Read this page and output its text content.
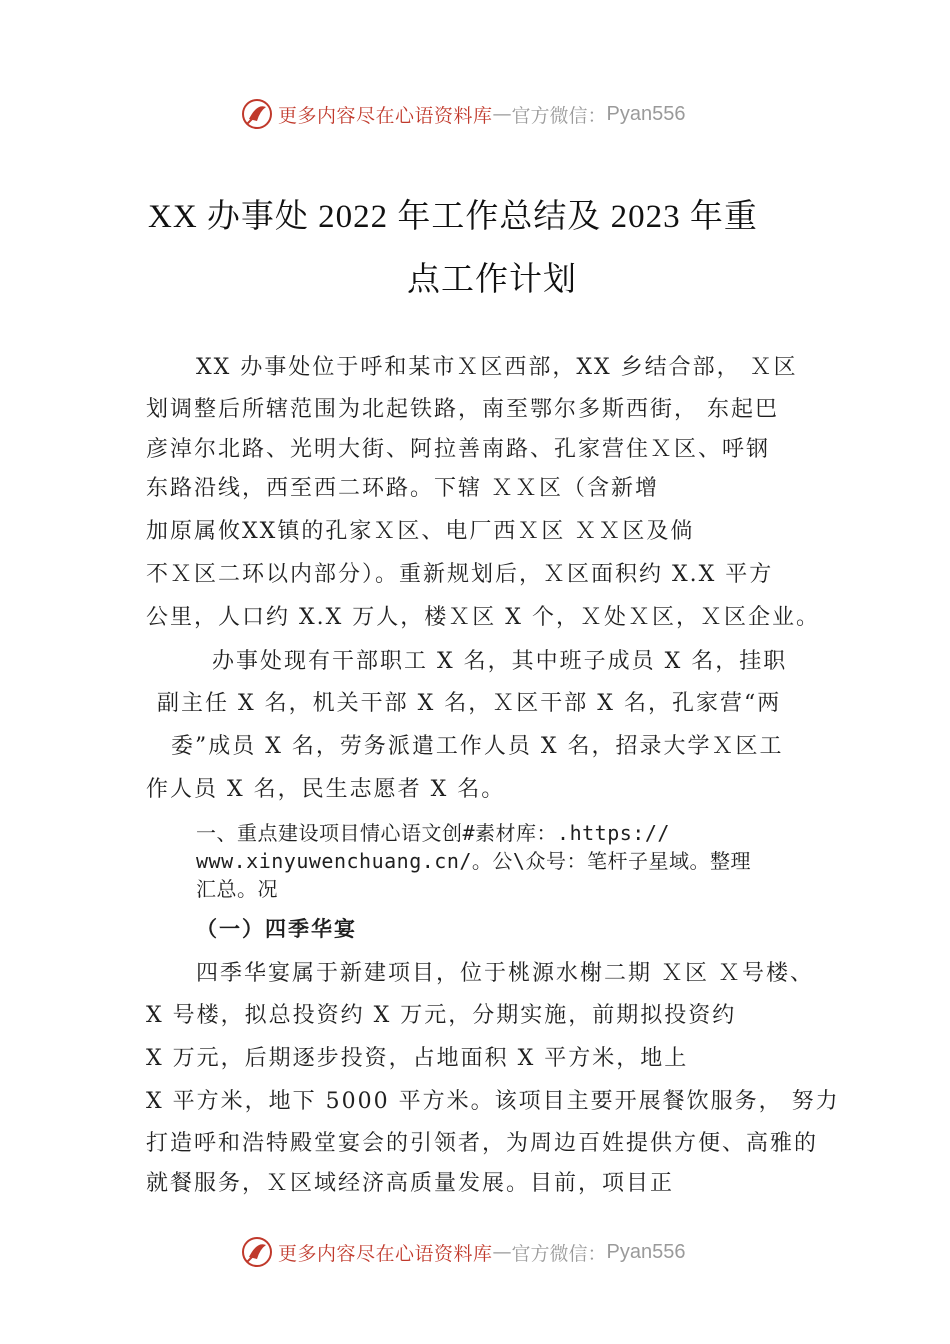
更多内容尽在心语资料库 — 官方微信： Pyan556
XX 办事处 2022 年工作总结及 2023 年重
点工作计划
XX 办事处位于呼和某市Ｘ区西部，XX 乡结合部， Ｘ区
划调整后所辖范围为北起铁路，南至鄂尔多斯西街， 东起巴
彦淖尔北路、光明大街、阿拉善南路、孔家营住Ｘ区、呼钢
东路沿线，西至西二环路。下辖 ＸＸ区（含新增
加原属攸XX镇的孔家Ｘ区、电厂西Ｘ区 ＸＸ区及倘
不Ｘ区二环以内部分）。重新规划后，Ｘ区面积约 X.X 平方
公里，人口约 X.X 万人，楼Ｘ区 X 个，Ｘ处Ｘ区，Ｘ区企业。
办事处现有干部职工 X 名，其中班子成员 X 名，挂职
副主任 X 名，机关干部 X 名，Ｘ区干部 X 名，孔家营“两
委”成员 X 名，劳务派遣工作人员 X 名，招录大学Ｘ区工
作人员 X 名，民生志愿者 X 名。
一、重点建设项目情心语文创#素材库：.https://
www.xinyuwenchuang.cn/。公\众号：笔杆子星域。整理
汇总。况
（一）四季华宴
四季华宴属于新建项目，位于桃源水榭二期 Ｘ区 Ｘ号楼、
X 号楼，拟总投资约 X 万元，分期实施，前期拟投资约
X 万元，后期逐步投资，占地面积 X 平方米，地上
X 平方米，地下 5000 平方米。该项目主要开展餐饮服务， 努力
打造呼和浩特殿堂宴会的引领者，为周边百姓提供方便、高雅的
就餐服务，Ｘ区域经济高质量发展。目前，项目正
更多内容尽在心语资料库 — 官方微信： Pyan556
